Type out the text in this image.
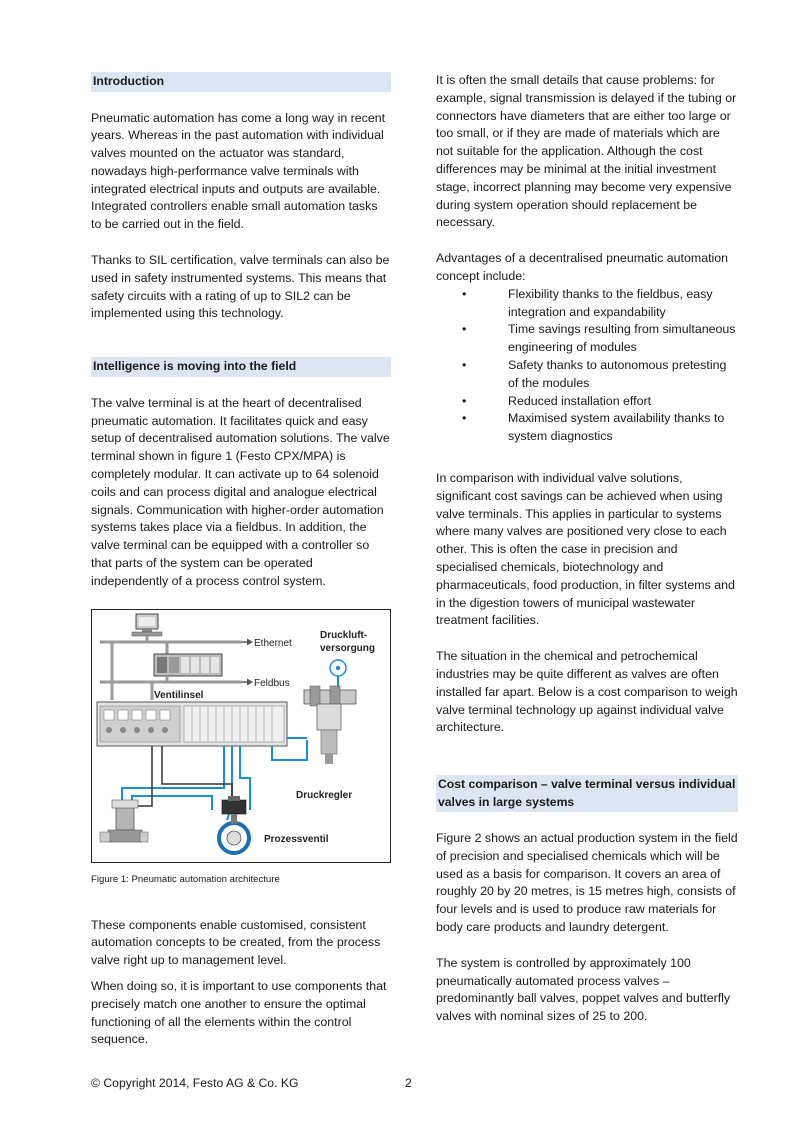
Introduction

Pneumatic automation has come a long way in recent years. Whereas in the past automation with individual valves mounted on the actuator was standard, nowadays high-performance valve terminals with integrated electrical inputs and outputs are available. Integrated controllers enable small automation tasks to be carried out in the field.

Thanks to SIL certification, valve terminals can also be used in safety instrumented systems. This means that safety circuits with a rating of up to SIL2 can be implemented using this technology.

Intelligence is moving into the field

The valve terminal is at the heart of decentralised pneumatic automation. It facilitates quick and easy setup of decentralised automation solutions. The valve terminal shown in figure 1 (Festo CPX/MPA) is completely modular. It can activate up to 64 solenoid coils and can process digital and analogue electrical signals. Communication with higher-order automation systems takes place via a fieldbus. In addition, the valve terminal can be equipped with a controller so that parts of the system can be operated independently of a process control system.

Ethernet
Feldbus
Ventilinsel
Druckluft-
versorgung
Druckregler
Prozessventil

Figure 1: Pneumatic automation architecture

These components enable customised, consistent automation concepts to be created, from the process valve right up to management level.

When doing so, it is important to use components that precisely match one another to ensure the optimal functioning of all the elements within the control sequence.

It is often the small details that cause problems: for example, signal transmission is delayed if the tubing or connectors have diameters that are either too large or too small, or if they are made of materials which are not suitable for the application. Although the cost differences may be minimal at the initial investment stage, incorrect planning may become very expensive during system operation should replacement be necessary.

Advantages of a decentralised pneumatic automation concept include:

•	Flexibility thanks to the fieldbus, easy integration and expandability
•	Time savings resulting from simultaneous engineering of modules
•	Safety thanks to autonomous pretesting of the modules
•	Reduced installation effort
•	Maximised system availability thanks to system diagnostics

In comparison with individual valve solutions, significant cost savings can be achieved when using valve terminals. This applies in particular to systems where many valves are positioned very close to each other. This is often the case in precision and specialised chemicals, biotechnology and pharmaceuticals, food production, in filter systems and in the digestion towers of municipal wastewater treatment facilities.

The situation in the chemical and petrochemical industries may be quite different as valves are often installed far apart. Below is a cost comparison to weigh valve terminal technology up against individual valve architecture.

Cost comparison – valve terminal versus individual valves in large systems

Figure 2 shows an actual production system in the field of precision and specialised chemicals which will be used as a basis for comparison. It covers an area of roughly 20 by 20 metres, is 15 metres high, consists of four levels and is used to produce raw materials for body care products and laundry detergent.

The system is controlled by approximately 100 pneumatically automated process valves – predominantly ball valves, poppet valves and butterfly valves with nominal sizes of 25 to 200.

© Copyright 2014, Festo AG & Co. KG	2
